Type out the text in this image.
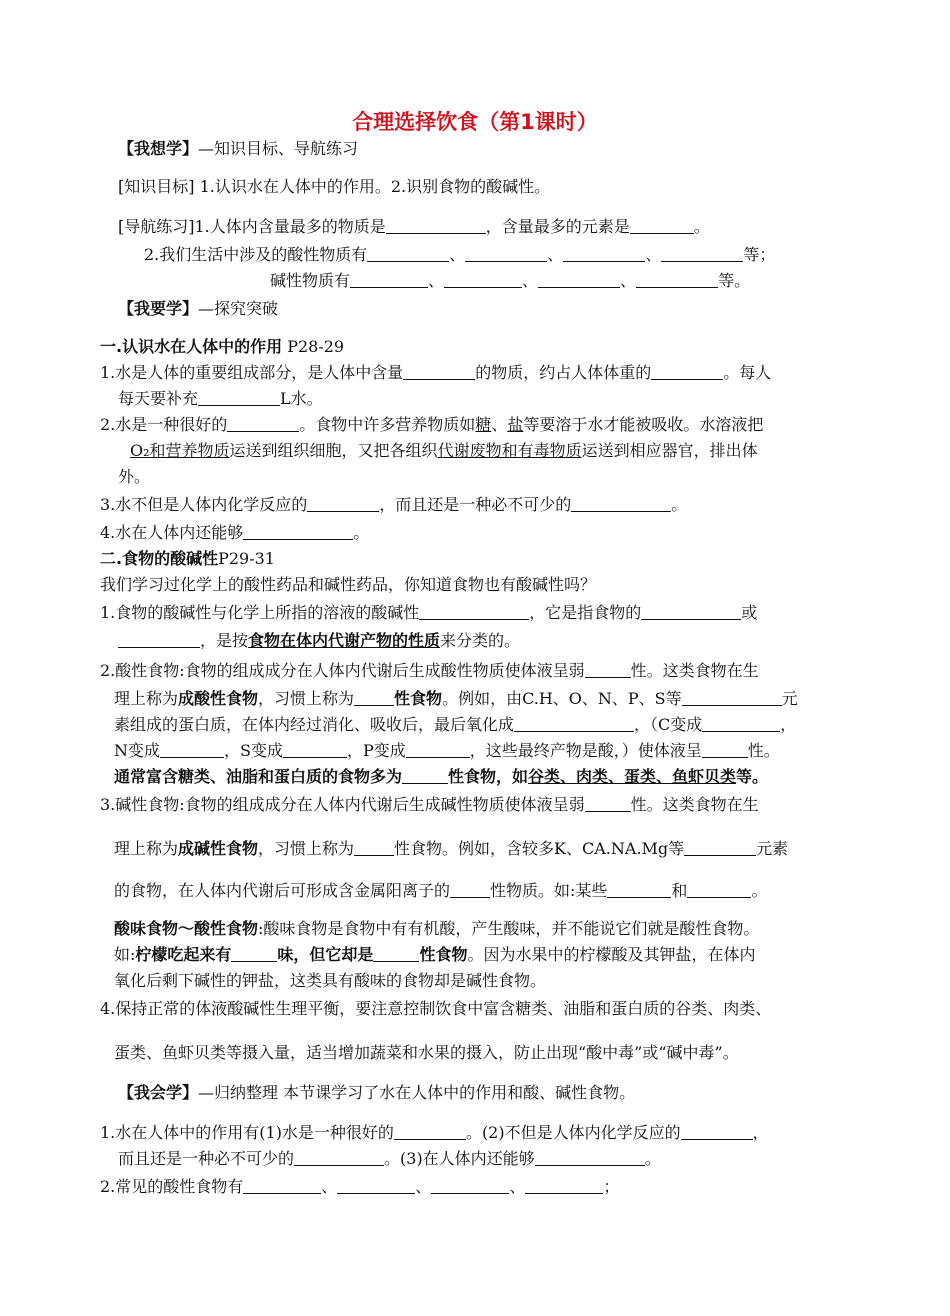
合理选择饮食（第1课时）
【我想学】—知识目标、导航练习
[知识目标] 1.认识水在人体中的作用。2.识别食物的酸碱性。
[导航练习]1.人体内含量最多的物质是	，含量最多的元素是	。
2.我们生活中涉及的酸性物质有	、	、	、	等；
碱性物质有	、	、	、	等。
【我要学】—探究突破
一.认识水在人体中的作用 P28-29
1.水是人体的重要组成部分，是人体中含量	的物质，约占人体体重的	。每人
每天要补充	L水。
2.水是一种很好的	。食物中许多营养物质如糖、盐等要溶于水才能被吸收。水溶液把
O₂和营养物质运送到组织细胞，又把各组织代谢废物和有毒物质运送到相应器官，排出体
外。
3.水不但是人体内化学反应的	，而且还是一种必不可少的	。
4.水在人体内还能够	。
二.食物的酸碱性P29-31
我们学习过化学上的酸性药品和碱性药品，你知道食物也有酸碱性吗？
1.食物的酸碱性与化学上所指的溶液的酸碱性	，它是指食物的	或
，是按食物在体内代谢产物的性质来分类的。
2.酸性食物:食物的组成成分在人体内代谢后生成酸性物质使体液呈弱	性。这类食物在生
理上称为成酸性食物，习惯上称为	性食物。例如，由C.H、O、N、P、S等	元
素组成的蛋白质，在体内经过消化、吸收后，最后氧化成	，（C变成	，
N变成	，S变成	，P变成	，这些最终产物是酸，）使体液呈	性。
通常富含糖类、油脂和蛋白质的食物多为	性食物，如谷类、肉类、蛋类、鱼虾贝类等。
3.碱性食物:食物的组成成分在人体内代谢后生成碱性物质使体液呈弱	性。这类食物在生
理上称为成碱性食物，习惯上称为	性食物。例如，含较多K、CA.NA.Mg等	元素
的食物，在人体内代谢后可形成含金属阳离子的	性物质。如:某些	和	。
酸味食物～酸性食物:酸味食物是食物中有有机酸，产生酸味，并不能说它们就是酸性食物。
如:柠檬吃起来有	味，但它却是	性食物。因为水果中的柠檬酸及其钾盐，在体内
氧化后剩下碱性的钾盐，这类具有酸味的食物却是碱性食物。
4.保持正常的体液酸碱性生理平衡，要注意控制饮食中富含糖类、油脂和蛋白质的谷类、肉类、
蛋类、鱼虾贝类等摄入量，适当增加蔬菜和水果的摄入，防止出现“酸中毒”或“碱中毒”。
【我会学】—归纳整理 本节课学习了水在人体中的作用和酸、碱性食物。
1.水在人体中的作用有(1)水是一种很好的	。(2)不但是人体内化学反应的	，
而且还是一种必不可少的	。(3)在人体内还能够	。
2.常见的酸性食物有	、	、	、	；
